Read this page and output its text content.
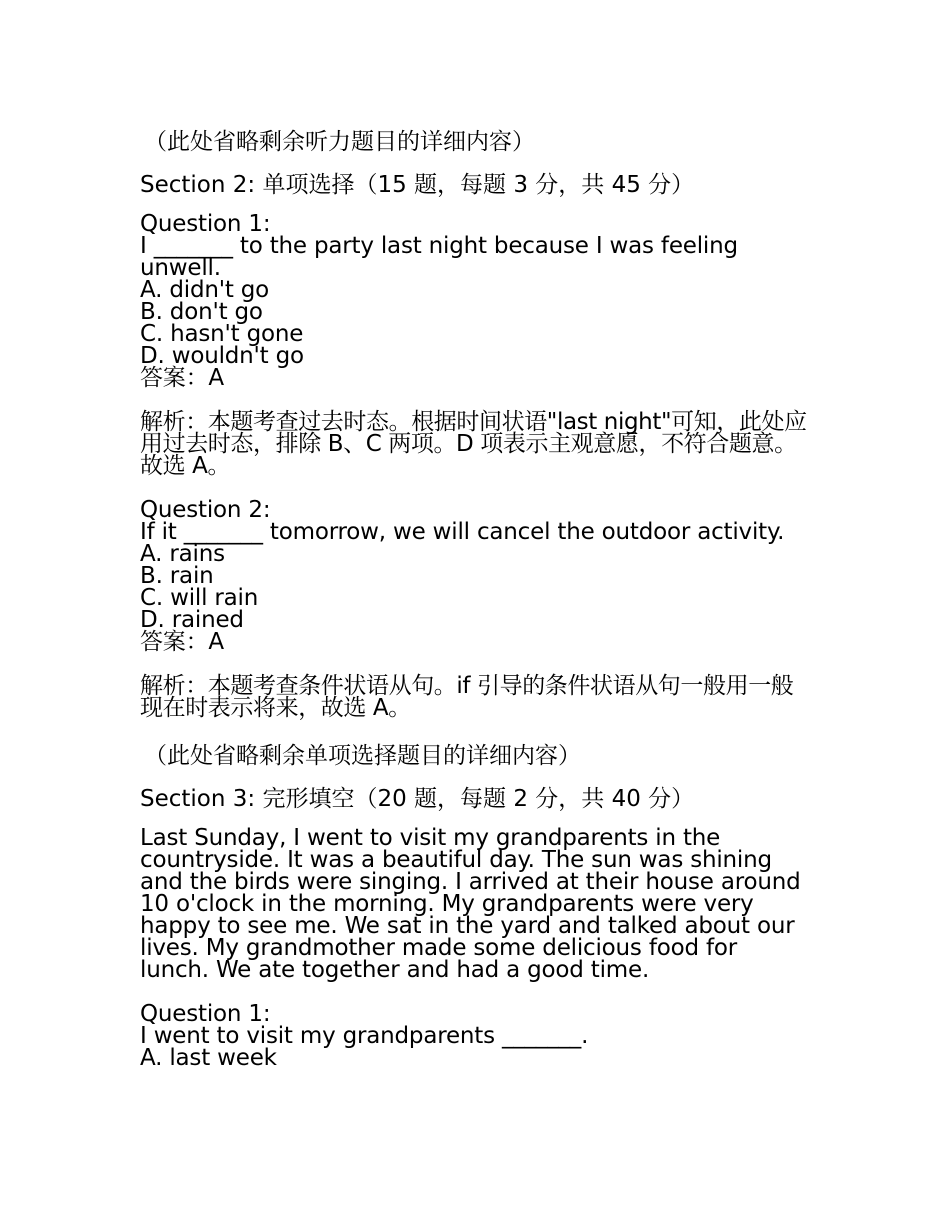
（此处省略剩余听力题目的详细内容）
Section 2: 单项选择（15 题，每题 3 分，共 45 分）
Question 1:
I _______ to the party last night because I was feeling unwell.
A. didn't go
B. don't go
C. hasn't gone
D. wouldn't go
答案：A
解析：本题考查过去时态。根据时间状语"last night"可知，此处应用过去时态，排除 B、C 两项。D 项表示主观意愿，不符合题意。故选 A。
Question 2:
If it _______ tomorrow, we will cancel the outdoor activity.
A. rains
B. rain
C. will rain
D. rained
答案：A
解析：本题考查条件状语从句。if 引导的条件状语从句一般用一般现在时表示将来，故选 A。
（此处省略剩余单项选择题目的详细内容）
Section 3: 完形填空（20 题，每题 2 分，共 40 分）
Last Sunday, I went to visit my grandparents in the countryside. It was a beautiful day. The sun was shining and the birds were singing. I arrived at their house around 10 o'clock in the morning. My grandparents were very happy to see me. We sat in the yard and talked about our lives. My grandmother made some delicious food for lunch. We ate together and had a good time.
Question 1:
I went to visit my grandparents _______.
A. last week
